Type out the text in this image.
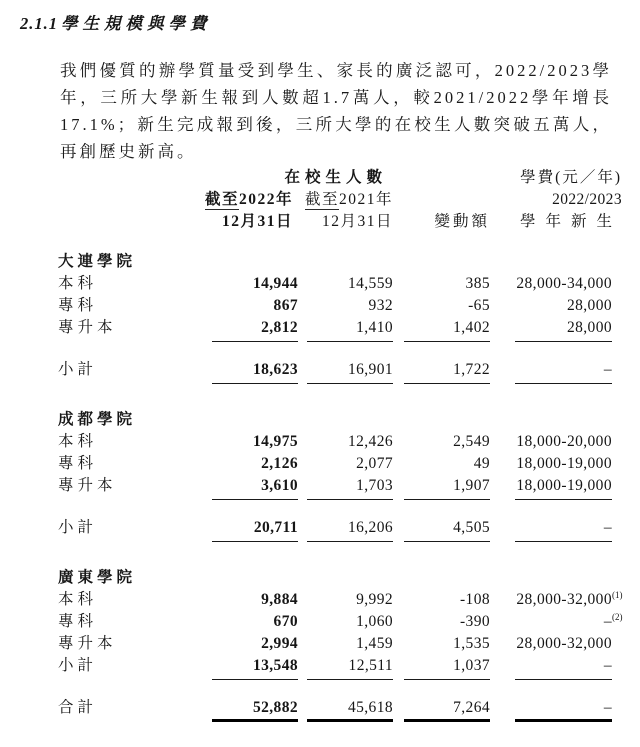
2.1.1 學生規模與學費
我們優質的辦學質量受到學生、家長的廣泛認可，2022/2023學年，三所大學新生報到人數超1.7萬人，較2021/2022學年增長17.1%；新生完成報到後，三所大學的在校生人數突破五萬人，再創歷史新高。
在校生人數	學費(元／年)
截至2022年 截至2021年	2022/2023
12月31日	12月31日	變動額	學年新生
大連學院
本科	14,944	14,559	385	28,000-34,000
專科	867	932	-65	28,000
專升本	2,812	1,410	1,402	28,000
小計	18,623	16,901	1,722	–
成都學院
本科	14,975	12,426	2,549	18,000-20,000
專科	2,126	2,077	49	18,000-19,000
專升本	3,610	1,703	1,907	18,000-19,000
小計	20,711	16,206	4,505	–
廣東學院
本科	9,884	9,992	-108	28,000-32,000 (1)
專科	670	1,060	-390	– (2)
專升本	2,994	1,459	1,535	28,000-32,000
小計	13,548	12,511	1,037	–
合計	52,882	45,618	7,264	–
